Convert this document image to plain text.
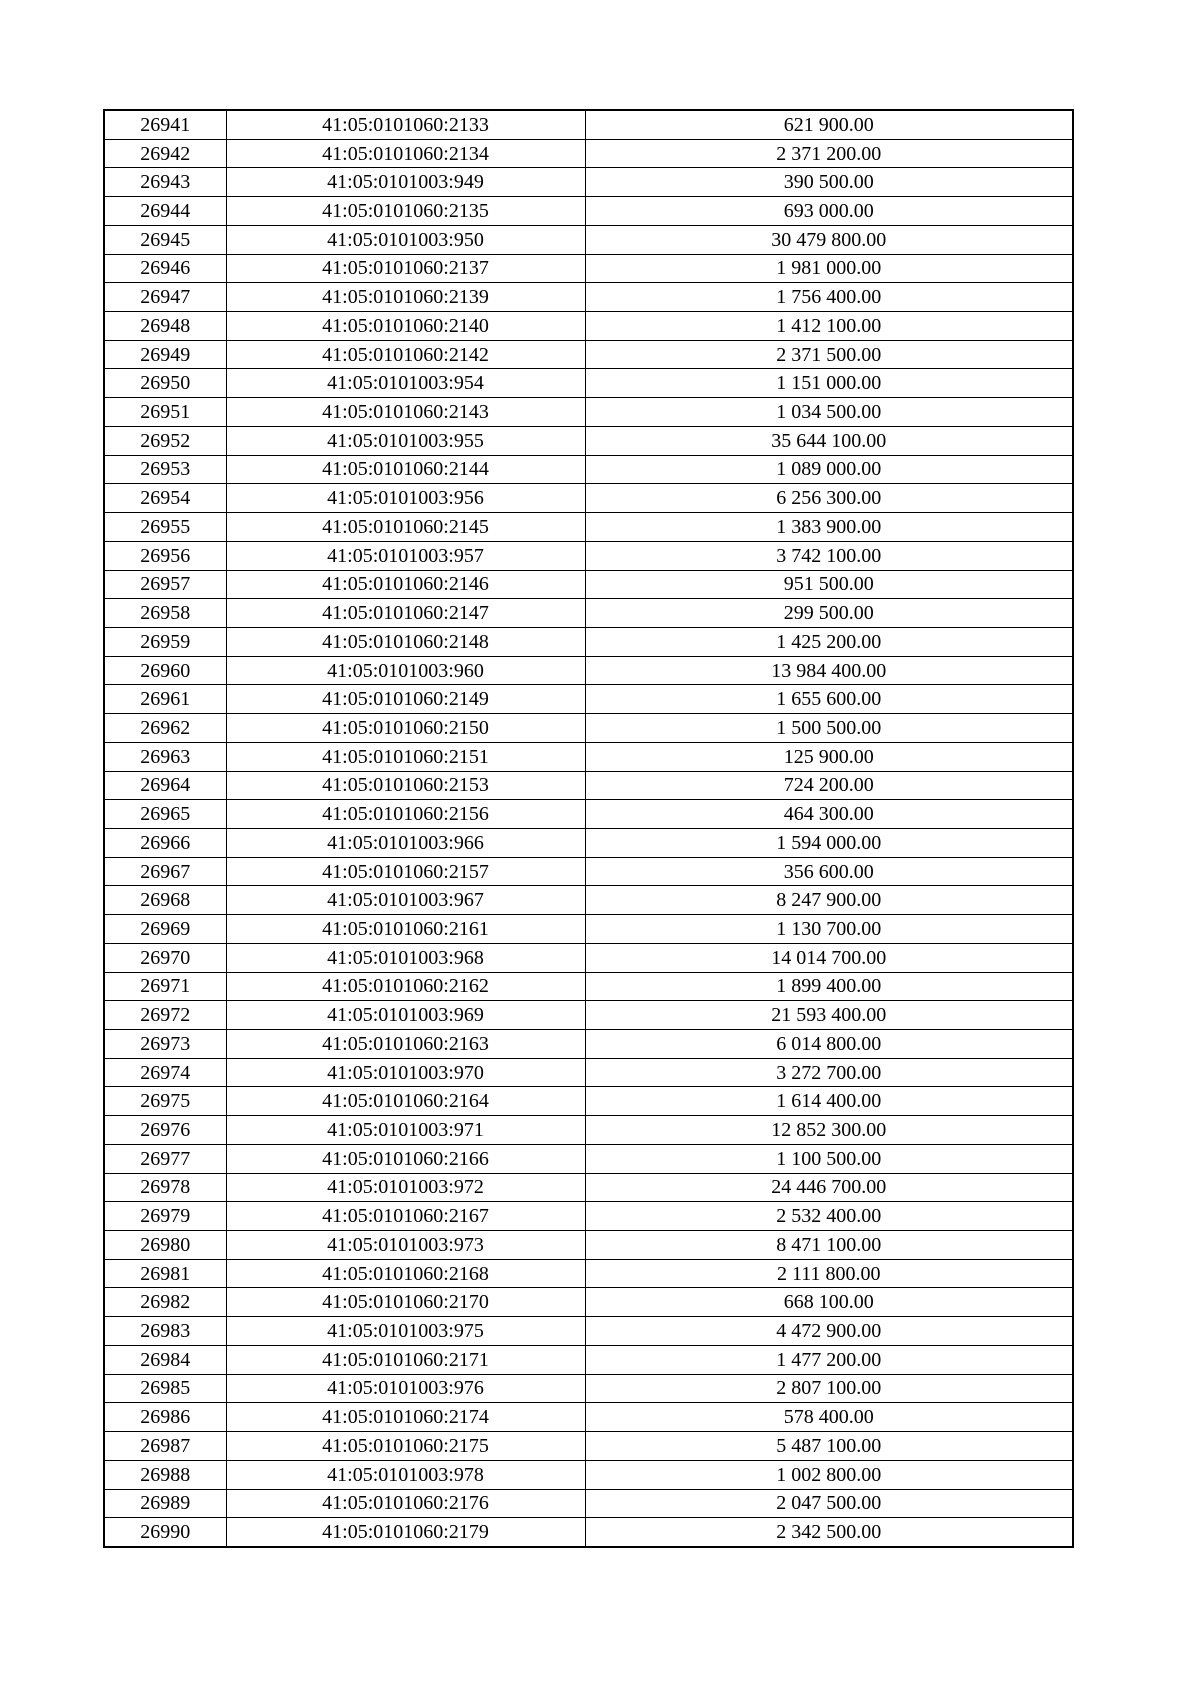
26941	41:05:0101060:2133	621 900.00
26942	41:05:0101060:2134	2 371 200.00
26943	41:05:0101003:949	390 500.00
26944	41:05:0101060:2135	693 000.00
26945	41:05:0101003:950	30 479 800.00
26946	41:05:0101060:2137	1 981 000.00
26947	41:05:0101060:2139	1 756 400.00
26948	41:05:0101060:2140	1 412 100.00
26949	41:05:0101060:2142	2 371 500.00
26950	41:05:0101003:954	1 151 000.00
26951	41:05:0101060:2143	1 034 500.00
26952	41:05:0101003:955	35 644 100.00
26953	41:05:0101060:2144	1 089 000.00
26954	41:05:0101003:956	6 256 300.00
26955	41:05:0101060:2145	1 383 900.00
26956	41:05:0101003:957	3 742 100.00
26957	41:05:0101060:2146	951 500.00
26958	41:05:0101060:2147	299 500.00
26959	41:05:0101060:2148	1 425 200.00
26960	41:05:0101003:960	13 984 400.00
26961	41:05:0101060:2149	1 655 600.00
26962	41:05:0101060:2150	1 500 500.00
26963	41:05:0101060:2151	125 900.00
26964	41:05:0101060:2153	724 200.00
26965	41:05:0101060:2156	464 300.00
26966	41:05:0101003:966	1 594 000.00
26967	41:05:0101060:2157	356 600.00
26968	41:05:0101003:967	8 247 900.00
26969	41:05:0101060:2161	1 130 700.00
26970	41:05:0101003:968	14 014 700.00
26971	41:05:0101060:2162	1 899 400.00
26972	41:05:0101003:969	21 593 400.00
26973	41:05:0101060:2163	6 014 800.00
26974	41:05:0101003:970	3 272 700.00
26975	41:05:0101060:2164	1 614 400.00
26976	41:05:0101003:971	12 852 300.00
26977	41:05:0101060:2166	1 100 500.00
26978	41:05:0101003:972	24 446 700.00
26979	41:05:0101060:2167	2 532 400.00
26980	41:05:0101003:973	8 471 100.00
26981	41:05:0101060:2168	2 111 800.00
26982	41:05:0101060:2170	668 100.00
26983	41:05:0101003:975	4 472 900.00
26984	41:05:0101060:2171	1 477 200.00
26985	41:05:0101003:976	2 807 100.00
26986	41:05:0101060:2174	578 400.00
26987	41:05:0101060:2175	5 487 100.00
26988	41:05:0101003:978	1 002 800.00
26989	41:05:0101060:2176	2 047 500.00
26990	41:05:0101060:2179	2 342 500.00
